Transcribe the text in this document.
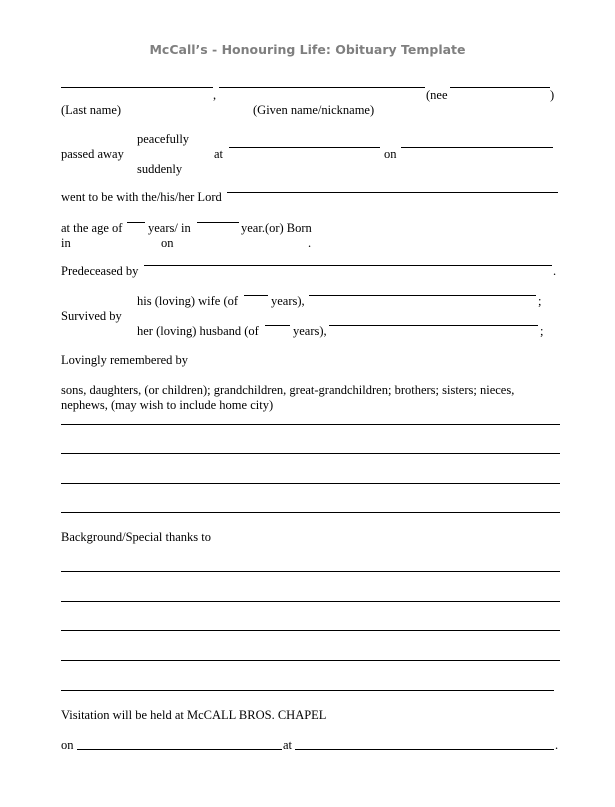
McCall’s - Honouring Life: Obituary Template
,	(nee	)
(Last name)	(Given name/nickname)
peacefully
passed away	at	on
suddenly
went to be with the/his/her Lord
at the age of years/ in	year.(or) Born
in	on	.
Predeceased by	.
his (loving) wife (of	years),	;
Survived by
her (loving) husband (of	years),	;
Lovingly remembered by
sons, daughters, (or children); grandchildren, great-grandchildren; brothers; sisters; nieces,
nephews, (may wish to include home city)
Background/Special thanks to
Visitation will be held at McCALL BROS. CHAPEL
on	at	.
